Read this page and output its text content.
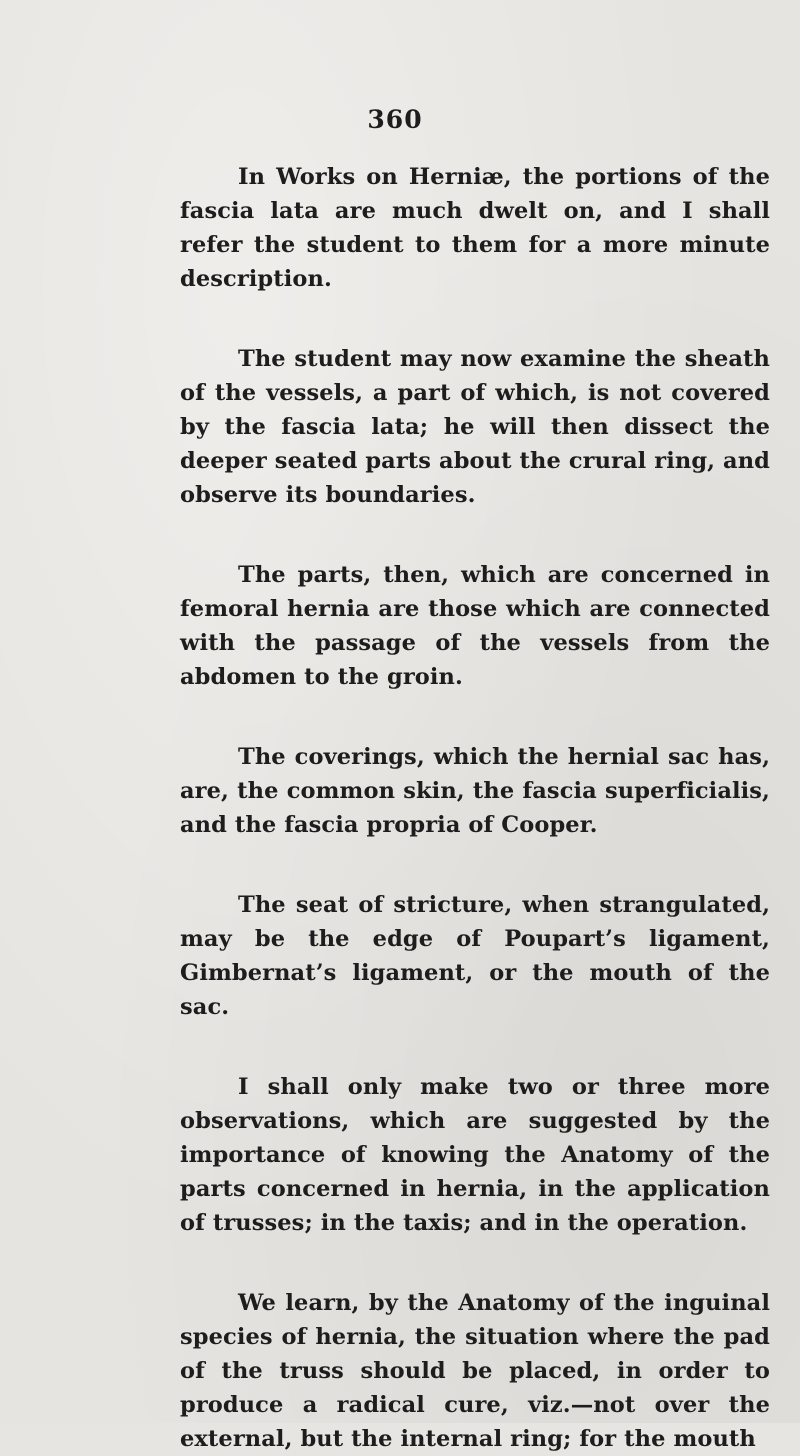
360

In Works on Herniæ, the portions of the fascia lata are much dwelt on, and I shall refer the student to them for a more minute description.

The student may now examine the sheath of the vessels, a part of which, is not covered by the fascia lata; he will then dissect the deeper seated parts about the crural ring, and observe its boundaries.

The parts, then, which are concerned in femoral hernia are those which are connected with the passage of the vessels from the abdomen to the groin.

The coverings, which the hernial sac has, are, the common skin, the fascia superficialis, and the fascia propria of Cooper.

The seat of stricture, when strangulated, may be the edge of Poupart’s ligament, Gimbernat’s ligament, or the mouth of the sac.

I shall only make two or three more observations, which are suggested by the importance of knowing the Anatomy of the parts concerned in hernia, in the application of trusses; in the taxis; and in the operation.

We learn, by the Anatomy of the inguinal species of hernia, the situation where the pad of the truss should be placed, in order to produce a radical cure, viz.—not over the external, but the internal ring; for the mouth
